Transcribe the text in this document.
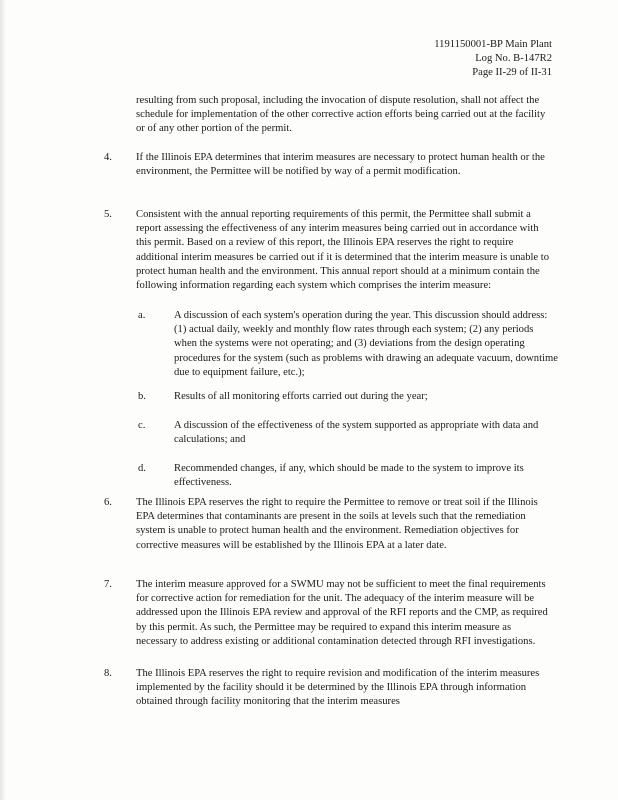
1191150001-BP Main Plant
Log No. B-147R2
Page II-29 of II-31
resulting from such proposal, including the invocation of dispute resolution, shall not affect the schedule for implementation of the other corrective action efforts being carried out at the facility or of any other portion of the permit.
4. If the Illinois EPA determines that interim measures are necessary to protect human health or the environment, the Permittee will be notified by way of a permit modification.
5. Consistent with the annual reporting requirements of this permit, the Permittee shall submit a report assessing the effectiveness of any interim measures being carried out in accordance with this permit. Based on a review of this report, the Illinois EPA reserves the right to require additional interim measures be carried out if it is determined that the interim measure is unable to protect human health and the environment. This annual report should at a minimum contain the following information regarding each system which comprises the interim measure:
a.	A discussion of each system's operation during the year. This discussion should address: (1) actual daily, weekly and monthly flow rates through each system; (2) any periods when the systems were not operating; and (3) deviations from the design operating procedures for the system (such as problems with drawing an adequate vacuum, downtime due to equipment failure, etc.);
b.	Results of all monitoring efforts carried out during the year;
c.	A discussion of the effectiveness of the system supported as appropriate with data and calculations; and
d.	Recommended changes, if any, which should be made to the system to improve its effectiveness.
6. The Illinois EPA reserves the right to require the Permittee to remove or treat soil if the Illinois EPA determines that contaminants are present in the soils at levels such that the remediation system is unable to protect human health and the environment. Remediation objectives for corrective measures will be established by the Illinois EPA at a later date.
7. The interim measure approved for a SWMU may not be sufficient to meet the final requirements for corrective action for remediation for the unit. The adequacy of the interim measure will be addressed upon the Illinois EPA review and approval of the RFI reports and the CMP, as required by this permit. As such, the Permittee may be required to expand this interim measure as necessary to address existing or additional contamination detected through RFI investigations.
8. The Illinois EPA reserves the right to require revision and modification of the interim measures implemented by the facility should it be determined by the Illinois EPA through information obtained through facility monitoring that the interim measures
